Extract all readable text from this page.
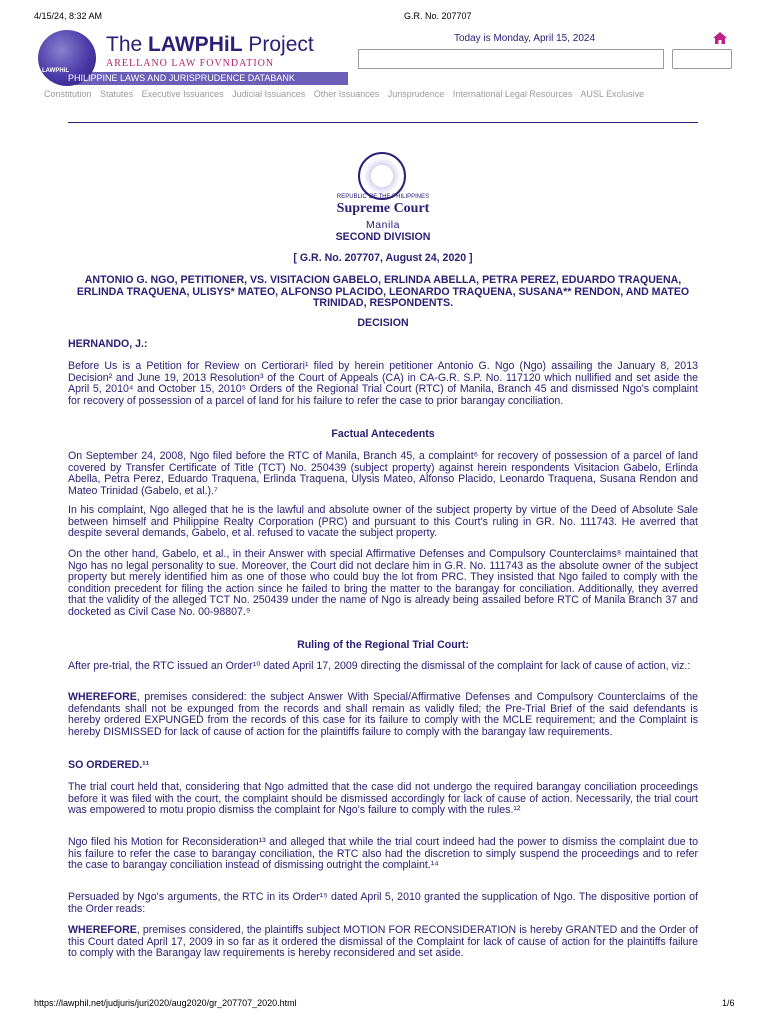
4/15/24, 8:32 AM	G.R. No. 207707
LAWPHiL
The LAWPHiL Project
ARELLANO LAW FOVNDATION
PHILIPPINE LAWS AND JURISPRUDENCE DATABANK
Today is Monday, April 15, 2024
Constitution Statutes Executive Issuances Judicial Issuances Other Issuances Jurisprudence International Legal Resources AUSL Exclusive
REPUBLIC OF THE PHILIPPINES
Supreme Court
Manila
SECOND DIVISION
[ G.R. No. 207707, August 24, 2020 ]
ANTONIO G. NGO, PETITIONER, VS. VISITACION GABELO, ERLINDA ABELLA, PETRA PEREZ, EDUARDO TRAQUENA, ERLINDA TRAQUENA, ULISYS* MATEO, ALFONSO PLACIDO, LEONARDO TRAQUENA, SUSANA** RENDON, AND MATEO TRINIDAD, RESPONDENTS.
DECISION
HERNANDO, J.:

Before Us is a Petition for Review on Certiorari¹ filed by herein petitioner Antonio G. Ngo (Ngo) assailing the January 8, 2013 Decision² and June 19, 2013 Resolution³ of the Court of Appeals (CA) in CA-G.R. S.P. No. 117120 which nullified and set aside the April 5, 2010⁴ and October 15, 2010⁵ Orders of the Regional Trial Court (RTC) of Manila, Branch 45 and dismissed Ngo's complaint for recovery of possession of a parcel of land for his failure to refer the case to prior barangay conciliation.

Factual Antecedents

On September 24, 2008, Ngo filed before the RTC of Manila, Branch 45, a complaint⁶ for recovery of possession of a parcel of land covered by Transfer Certificate of Title (TCT) No. 250439 (subject property) against herein respondents Visitacion Gabelo, Erlinda Abella, Petra Perez, Eduardo Traquena, Erlinda Traquena, Ulysis Mateo, Alfonso Placido, Leonardo Traquena, Susana Rendon and Mateo Trinidad (Gabelo, et al.).⁷

In his complaint, Ngo alleged that he is the lawful and absolute owner of the subject property by virtue of the Deed of Absolute Sale between himself and Philippine Realty Corporation (PRC) and pursuant to this Court's ruling in GR. No. 111743. He averred that despite several demands, Gabelo, et al. refused to vacate the subject property.

On the other hand, Gabelo, et al., in their Answer with special Affirmative Defenses and Compulsory Counterclaims⁸ maintained that Ngo has no legal personality to sue. Moreover, the Court did not declare him in G.R. No. 111743 as the absolute owner of the subject property but merely identified him as one of those who could buy the lot from PRC. They insisted that Ngo failed to comply with the condition precedent for filing the action since he failed to bring the matter to the barangay for conciliation. Additionally, they averred that the validity of the alleged TCT No. 250439 under the name of Ngo is already being assailed before RTC of Manila Branch 37 and docketed as Civil Case No. 00-98807.⁹

Ruling of the Regional Trial Court:

After pre-trial, the RTC issued an Order¹⁰ dated April 17, 2009 directing the dismissal of the complaint for lack of cause of action, viz.:

WHEREFORE, premises considered: the subject Answer With Special/Affirmative Defenses and Compulsory Counterclaims of the defendants shall not be expunged from the records and shall remain as validly filed; the Pre-Trial Brief of the said defendants is hereby ordered EXPUNGED from the records of this case for its failure to comply with the MCLE requirement; and the Complaint is hereby DISMISSED for lack of cause of action for the plaintiffs failure to comply with the barangay law requirements.

SO ORDERED.¹¹

The trial court held that, considering that Ngo admitted that the case did not undergo the required barangay conciliation proceedings before it was filed with the court, the complaint should be dismissed accordingly for lack of cause of action. Necessarily, the trial court was empowered to motu propio dismiss the complaint for Ngo's failure to comply with the rules.¹²

Ngo filed his Motion for Reconsideration¹³ and alleged that while the trial court indeed had the power to dismiss the complaint due to his failure to refer the case to barangay conciliation, the RTC also had the discretion to simply suspend the proceedings and to refer the case to barangay conciliation instead of dismissing outright the complaint.¹⁴

Persuaded by Ngo's arguments, the RTC in its Order¹⁵ dated April 5, 2010 granted the supplication of Ngo. The dispositive portion of the Order reads:

WHEREFORE, premises considered, the plaintiffs subject MOTION FOR RECONSIDERATION is hereby GRANTED and the Order of this Court dated April 17, 2009 in so far as it ordered the dismissal of the Complaint for lack of cause of action for the plaintiffs failure to comply with the Barangay law requirements is hereby reconsidered and set aside.

https://lawphil.net/judjuris/juri2020/aug2020/gr_207707_2020.html	1/6
